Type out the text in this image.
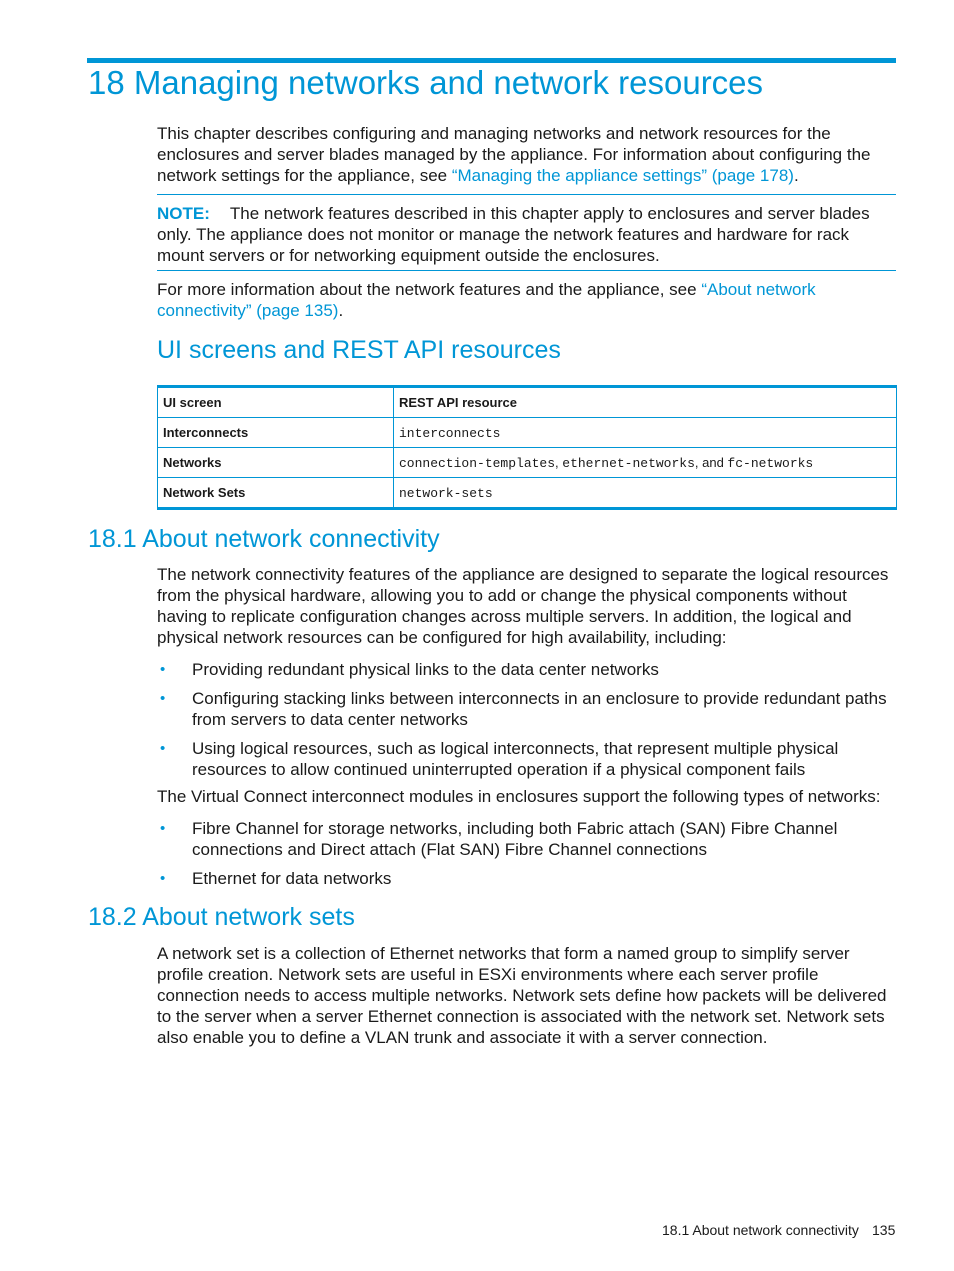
18 Managing networks and network resources

This chapter describes configuring and managing networks and network resources for the enclosures and server blades managed by the appliance. For information about configuring the network settings for the appliance, see “Managing the appliance settings” (page 178).

NOTE: The network features described in this chapter apply to enclosures and server blades only. The appliance does not monitor or manage the network features and hardware for rack mount servers or for networking equipment outside the enclosures.

For more information about the network features and the appliance, see “About network connectivity” (page 135).

UI screens and REST API resources
UI screen	REST API resource
Interconnects	interconnects
Networks	connection-templates, ethernet-networks, and fc-networks
Network Sets	network-sets
18.1 About network connectivity

The network connectivity features of the appliance are designed to separate the logical resources from the physical hardware, allowing you to add or change the physical components without having to replicate configuration changes across multiple servers. In addition, the logical and physical network resources can be configured for high availability, including:

• Providing redundant physical links to the data center networks
• Configuring stacking links between interconnects in an enclosure to provide redundant paths from servers to data center networks
• Using logical resources, such as logical interconnects, that represent multiple physical resources to allow continued uninterrupted operation if a physical component fails

The Virtual Connect interconnect modules in enclosures support the following types of networks:

• Fibre Channel for storage networks, including both Fabric attach (SAN) Fibre Channel connections and Direct attach (Flat SAN) Fibre Channel connections
• Ethernet for data networks
18.2 About network sets

A network set is a collection of Ethernet networks that form a named group to simplify server profile creation. Network sets are useful in ESXi environments where each server profile connection needs to access multiple networks. Network sets define how packets will be delivered to the server when a server Ethernet connection is associated with the network set. Network sets also enable you to define a VLAN trunk and associate it with a server connection.

18.1 About network connectivity 135
